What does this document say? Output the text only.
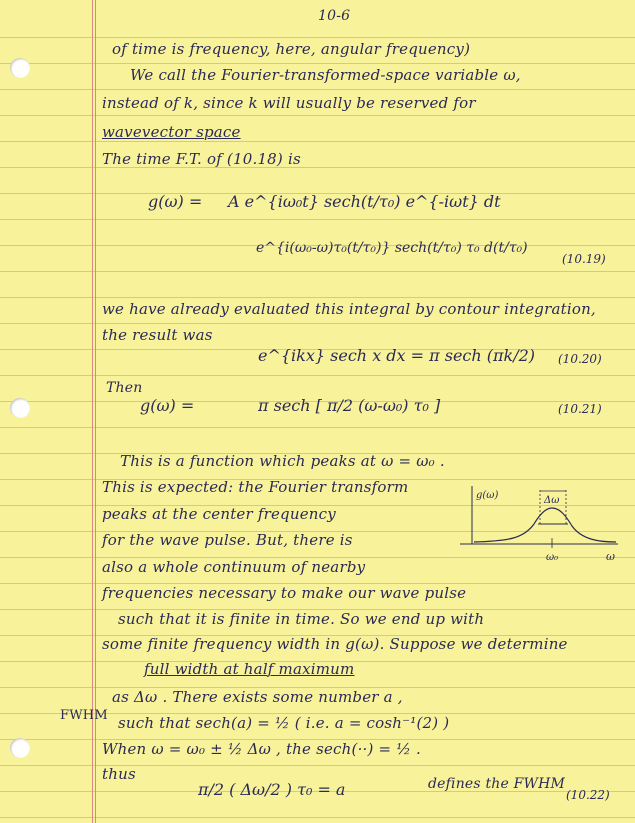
10-6
of time is frequency, here, angular frequency)
We call the Fourier-transformed-space variable ω,
instead of k, since k will usually be reserved for
wavevector space
The time F.T. of (10.18) is
g(ω) = A e^{iω₀t} sech(t/τ₀) e^{-iωt} dt
e^{i(ω₀-ω)τ₀(t/τ₀)} sech(t/τ₀) τ₀ d(t/τ₀)
(10.19)
we have already evaluated this integral by contour integration,
the result was
e^{ikx} sech x dx = π sech (πk/2) (10.20)
Then
g(ω) =	π sech [ π/2 (ω-ω₀) τ₀ ]	(10.21)
This is a function which peaks at ω = ω₀ .
This is expected: the Fourier transform
peaks at the center frequency
for the wave pulse. But, there is
also a whole continuum of nearby
frequencies necessary to make our wave pulse
such that it is finite in time. So we end up with
some finite frequency width in g(ω). Suppose we determine
full width at half maximum
as Δω . There exists some number a ,
FWHM such that sech(a) = ½ ( i.e. a = cosh⁻¹(2) )
When ω = ω₀ ± ½ Δω , the sech(··) = ½ .
thus
π/2 ( Δω/2 ) τ₀ = a	defines the FWHM
(10.22)
g(ω)	Δω
ω₀	ω
